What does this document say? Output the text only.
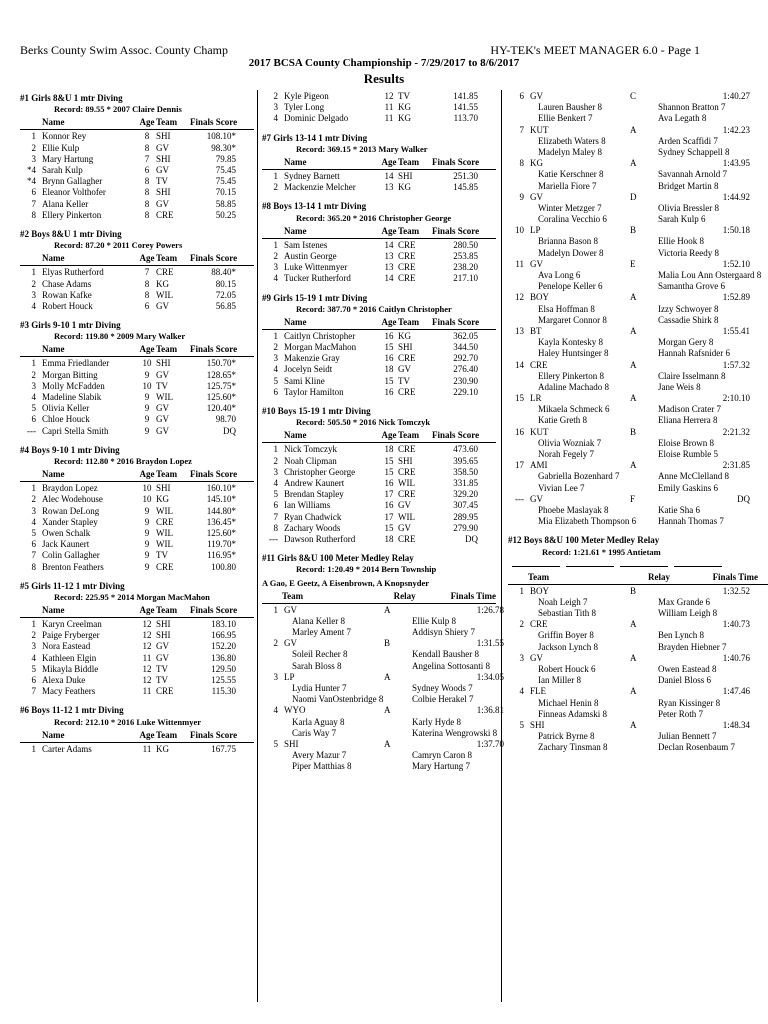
Berks County Swim Assoc. County Champ	HY-TEK's MEET MANAGER 6.0 - Page 1
2017 BCSA County Championship - 7/29/2017 to 8/6/2017
Results
#1 Girls 8&U 1 mtr Diving
Record: 89.55 * 2007 Claire Dennis
Name	Age Team	Finals Score
1 Konnor Rey	8 SHI	108.10*
2 Ellie Kulp	8 GV	98.30*
3 Mary Hartung	7 SHI	79.85
*4 Sarah Kulp	6 GV	75.45
*4 Brynn Gallagher	8 TV	75.45
6 Eleanor Volthofer	8 SHI	70.15
7 Alana Keller	8 GV	58.85
8 Ellery Pinkerton	8 CRE	50.25
#2 Boys 8&U 1 mtr Diving
Record: 87.20 * 2011 Corey Powers
Name	Age Team	Finals Score
1 Elyas Rutherford	7 CRE	88.40*
2 Chase Adams	8 KG	80.15
3 Rowan Kafke	8 WIL	72.05
4 Robert Houck	6 GV	56.85
#3 Girls 9-10 1 mtr Diving
Record: 119.80 * 2009 Mary Walker
Name	Age Team	Finals Score
1 Emma Friedlander	10 SHI	150.70*
2 Morgan Bitting	9 GV	128.65*
3 Molly McFadden	10 TV	125.75*
4 Madeline Slabik	9 WIL	125.60*
5 Olivia Keller	9 GV	120.40*
6 Chloe Houck	9 GV	98.70
--- Capri Stella Smith	9 GV	DQ
#4 Boys 9-10 1 mtr Diving
Record: 112.80 * 2016 Braydon Lopez
Name	Age Team	Finals Score
1 Braydon Lopez	10 SHI	160.10*
2 Alec Wodehouse	10 KG	145.10*
3 Rowan DeLong	9 WIL	144.80*
4 Xander Stapley	9 CRE	136.45*
5 Owen Schalk	9 WIL	125.60*
6 Jack Kaunert	9 WIL	119.70*
7 Colin Gallagher	9 TV	116.95*
8 Brenton Feathers	9 CRE	100.80
#5 Girls 11-12 1 mtr Diving
Record: 225.95 * 2014 Morgan MacMahon
Name	Age Team	Finals Score
1 Karyn Creelman	12 SHI	183.10
2 Paige Fryberger	12 SHI	166.95
3 Nora Eastead	12 GV	152.20
4 Kathleen Elgin	11 GV	136.80
5 Mikayla Biddle	12 TV	129.50
6 Alexa Duke	12 TV	125.55
7 Macy Feathers	11 CRE	115.30
#6 Boys 11-12 1 mtr Diving
Record: 212.10 * 2016 Luke Wittenmyer
Name	Age Team	Finals Score
1 Carter Adams	11 KG	167.75
2 Kyle Pigeon	12 TV	141.85
3 Tyler Long	11 KG	141.55
4 Dominic Delgado	11 KG	113.70
#7 Girls 13-14 1 mtr Diving
Record: 369.15 * 2013 Mary Walker
Name	Age Team	Finals Score
1 Sydney Barnett	14 SHI	251.30
2 Mackenzie Melcher	13 KG	145.85
#8 Boys 13-14 1 mtr Diving
Record: 365.20 * 2016 Christopher George
Name	Age Team	Finals Score
1 Sam Istenes	14 CRE	280.50
2 Austin George	13 CRE	253.85
3 Luke Wittenmyer	13 CRE	238.20
4 Tucker Rutherford	14 CRE	217.10
#9 Girls 15-19 1 mtr Diving
Record: 387.70 * 2016 Caitlyn Christopher
Name	Age Team	Finals Score
1 Caitlyn Christopher	16 KG	362.05
2 Morgan MacMahon	15 SHI	344.50
3 Makenzie Gray	16 CRE	292.70
4 Jocelyn Seidt	18 GV	276.40
5 Sami Kline	15 TV	230.90
6 Taylor Hamilton	16 CRE	229.10
#10 Boys 15-19 1 mtr Diving
Record: 505.50 * 2016 Nick Tomczyk
Name	Age Team	Finals Score
1 Nick Tomczyk	18 CRE	473.60
2 Noah Clipman	15 SHI	395.65
3 Christopher George	15 CRE	358.50
4 Andrew Kaunert	16 WIL	331.85
5 Brendan Stapley	17 CRE	329.20
6 Ian Williams	16 GV	307.45
7 Ryan Chadwick	17 WIL	289.95
8 Zachary Woods	15 GV	279.90
--- Dawson Rutherford	18 CRE	DQ
#11 Girls 8&U 100 Meter Medley Relay
Record: 1:20.49 * 2014 Bern Township
A Gao, E Geetz, A Eisenbrown, A Knopsnyder
Team	Relay	Finals Time
1 GV	A	1:26.78
Alana Keller 8	Ellie Kulp 8
Marley Ament 7	Addisyn Shiery 7
2 GV	B	1:31.55
Soleil Recher 8	Kendall Bausher 8
Sarah Bloss 8	Angelina Sottosanti 8
3 LP	A	1:34.05
Lydia Hunter 7	Sydney Woods 7
Naomi VanOstenbridge 8	Colbie Herakel 7
4 WYO	A	1:36.81
Karla Aguay 8	Karly Hyde 8
Caris Way 7	Katerina Wengrowski 8
5 SHI	A	1:37.70
Avery Mazur 7	Camryn Caron 8
Piper Matthias 8	Mary Hartung 7
6 GV	C	1:40.27
Lauren Bausher 8	Shannon Bratton 7
Ellie Benkert 7	Ava Legath 8
7 KUT	A	1:42.23
Elizabeth Waters 8	Arden Scaffidi 7
Madelyn Maley 8	Sydney Schappell 8
8 KG	A	1:43.95
Katie Kerschner 8	Savannah Arnold 7
Mariella Fiore 7	Bridget Martin 8
9 GV	D	1:44.92
Winter Metzger 7	Olivia Bressler 8
Coralina Vecchio 6	Sarah Kulp 6
10 LP	B	1:50.18
Brianna Bason 8	Ellie Hook 8
Madelyn Dower 8	Victoria Reedy 8
11 GV	E	1:52.10
Ava Long 6	Malia Lou Ann Ostergaard 8
Penelope Keller 6	Samantha Grove 6
12 BOY	A	1:52.89
Elsa Hoffman 8	Izzy Schwoyer 8
Margaret Connor 8	Cassadie Shirk 8
13 BT	A	1:55.41
Kayla Kontesky 8	Morgan Gery 8
Haley Huntsinger 8	Hannah Rafsnider 6
14 CRE	A	1:57.32
Ellery Pinkerton 8	Claire Isselmann 8
Adaline Machado 8	Jane Weis 8
15 LR	A	2:10.10
Mikaela Schmeck 6	Madison Crater 7
Katie Greth 8	Eliana Herrera 8
16 KUT	B	2:21.32
Olivia Wozniak 7	Eloise Brown 8
Norah Fegely 7	Eloise Rumble 5
17 AMI	A	2:31.85
Gabriella Bozenhard 7	Anne McClelland 8
Vivian Lee 7	Emily Gaskins 6
--- GV	F	DQ
Phoebe Maslayak 8	Katie Sha 6
Mia Elizabeth Thompson 6	Hannah Thomas 7
#12 Boys 8&U 100 Meter Medley Relay
Record: 1:21.61 * 1995 Antietam
Team	Relay	Finals Time
1 BOY	B	1:32.52
Noah Leigh 7	Max Grande 6
Sebastian Tith 8	William Leigh 8
2 CRE	A	1:40.73
Griffin Boyer 8	Ben Lynch 8
Jackson Lynch 8	Brayden Hiebner 7
3 GV	A	1:40.76
Robert Houck 6	Owen Eastead 8
Ian Miller 8	Daniel Bloss 6
4 FLE	A	1:47.46
Michael Henin 8	Ryan Kissinger 8
Finneas Adamski 8	Peter Roth 7
5 SHI	A	1:48.34
Patrick Byrne 8	Julian Bennett 7
Zachary Tinsman 8	Declan Rosenbaum 7
